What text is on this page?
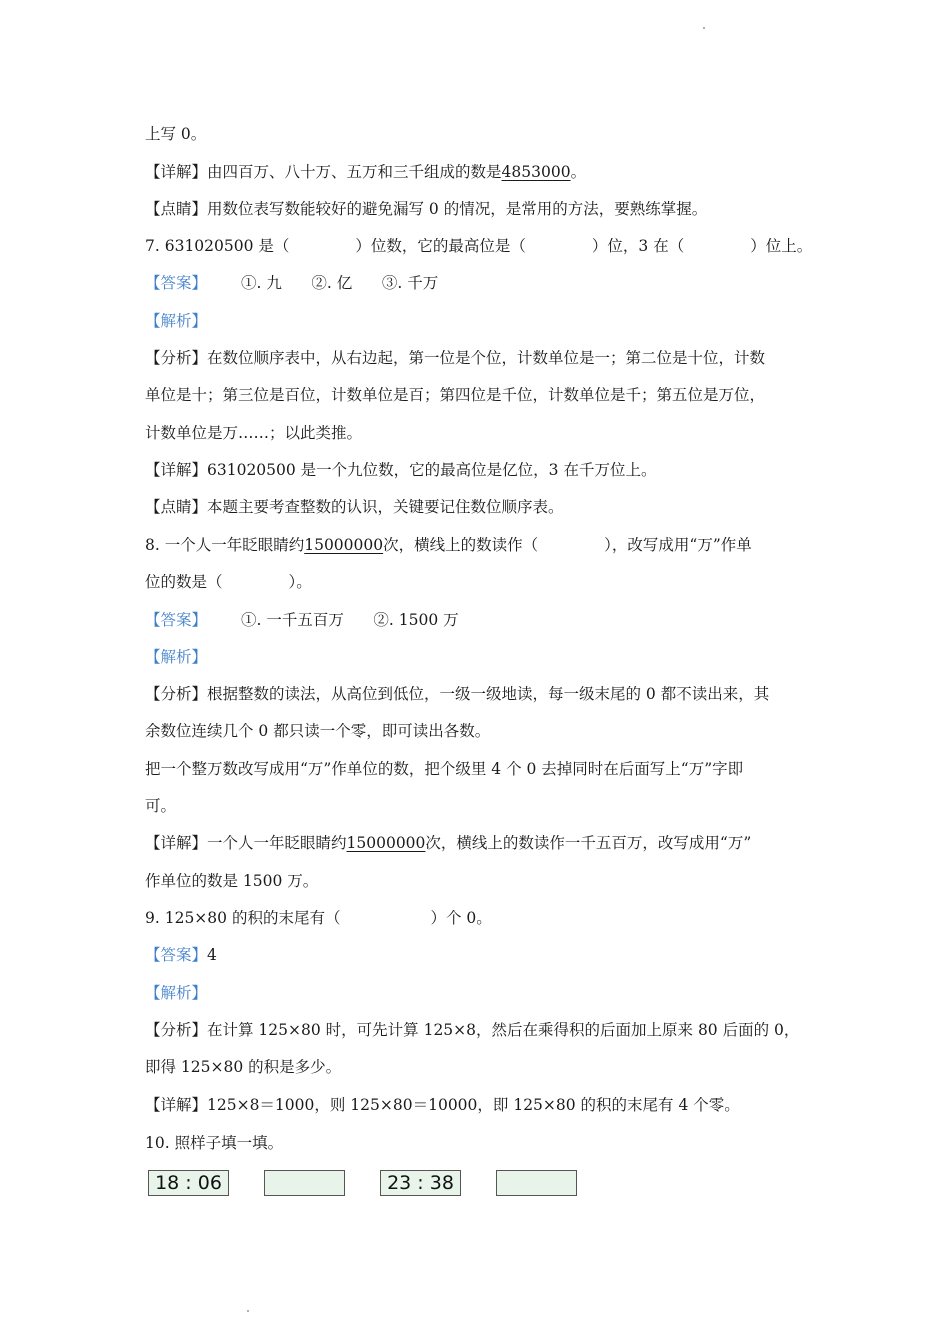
上写 0。
【详解】由四百万、八十万、五万和三千组成的数是4853000。
【点睛】用数位表写数能较好的避免漏写 0 的情况，是常用的方法，要熟练掌握。
7. 631020500 是（	）位数，它的最高位是（	）位，3 在（	）位上。
【答案】 ①. 九      ②. 亿      ③. 千万
【解析】
【分析】在数位顺序表中，从右边起，第一位是个位，计数单位是一；第二位是十位，计数
单位是十；第三位是百位，计数单位是百；第四位是千位，计数单位是千；第五位是万位，
计数单位是万……；以此类推。
【详解】631020500 是一个九位数，它的最高位是亿位，3 在千万位上。
【点睛】本题主要考查整数的认识，关键要记住数位顺序表。
8. 一个人一年眨眼睛约15000000次，横线上的数读作（	），改写成用“万”作单
位的数是（	）。
【答案】 ①. 一千五百万      ②. 1500 万
【解析】
【分析】根据整数的读法，从高位到低位，一级一级地读，每一级末尾的 0 都不读出来，其
余数位连续几个 0 都只读一个零，即可读出各数。
把一个整万数改写成用“万”作单位的数，把个级里 4 个 0 去掉同时在后面写上“万”字即
可。
【详解】一个人一年眨眼睛约15000000次，横线上的数读作一千五百万，改写成用“万”
作单位的数是 1500 万。
9. 125×80 的积的末尾有（	）个 0。
【答案】4
【解析】
【分析】在计算 125×80 时，可先计算 125×8，然后在乘得积的后面加上原来 80 后面的 0，
即得 125×80 的积是多少。
【详解】125×8＝1000，则 125×80＝10000，即 125×80 的积的末尾有 4 个零。
10. 照样子填一填。
18 : 06	23 : 38
